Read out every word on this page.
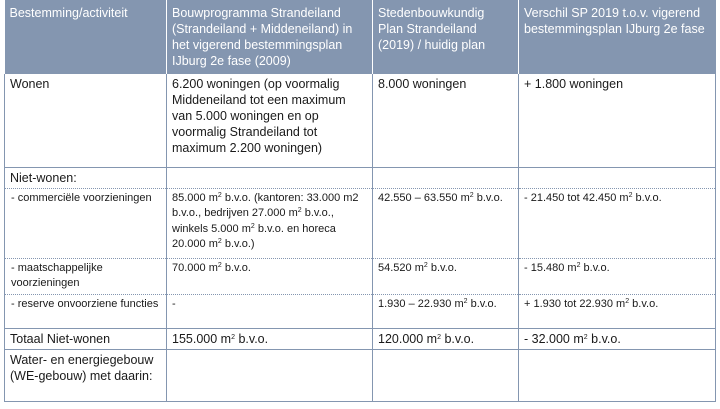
Bestemming/activiteit	Bouwprogramma Strandeiland (Strandeiland + Middeneiland) in het vigerend bestemmingsplan IJburg 2e fase (2009)	Stedenbouwkundig Plan Strandeiland (2019) / huidig plan	Verschil SP 2019 t.o.v. vigerend bestemmingsplan IJburg 2e fase
Wonen	6.200 woningen (op voormalig Middeneiland tot een maximum van 5.000 woningen en op voormalig Strandeiland tot maximum 2.200 woningen)	8.000 woningen	+ 1.800 woningen
Niet-wonen:			
- commerciële voorzieningen	85.000 $m^2$ b.v.o. (kantoren: 33.000 m2 b.v.o., bedrijven 27.000 $m^2$ b.v.o., winkels 5.000 $m^2$ b.v.o. en horeca 20.000 $m^2$ b.v.o.)	42.550 – 63.550 $m^2$ b.v.o.	- 21.450 tot 42.450 $m^2$ b.v.o.
- maatschappelijke voorzieningen	70.000 $m^2$ b.v.o.	54.520 $m^2$ b.v.o.	- 15.480 $m^2$ b.v.o.
- reserve onvoorziene functies	-	1.930 – 22.930 $m^2$ b.v.o.	+ 1.930 tot 22.930 $m^2$ b.v.o.
Totaal Niet-wonen	155.000 $m^2$ b.v.o.	120.000 $m^2$ b.v.o.	- 32.000 $m^2$ b.v.o.
Water- en energiegebouw (WE-gebouw) met daarin:			
